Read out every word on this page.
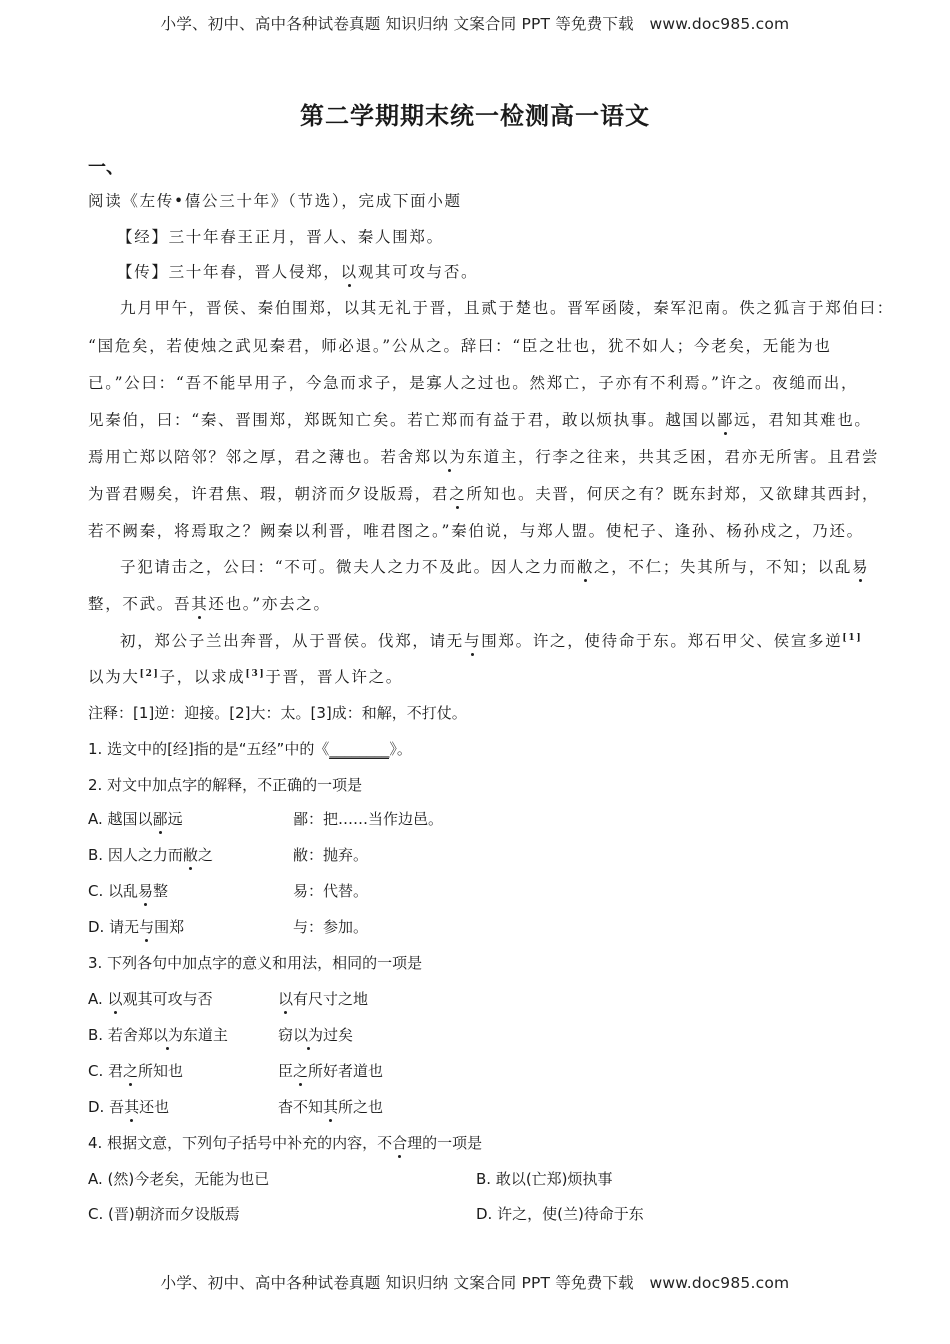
小学、初中、高中各种试卷真题 知识归纳 文案合同 PPT 等免费下载　www.doc985.com
第二学期期末统一检测高一语文
一、
阅读《左传•僖公三十年》（节选），完成下面小题
【经】三十年春王正月，晋人、秦人围郑。
【传】三十年春，晋人侵郑，以观其可攻与否。
九月甲午，晋侯、秦伯围郑，以其无礼于晋，且贰于楚也。晋军函陵，秦军氾南。佚之狐言于郑伯曰：
“国危矣，若使烛之武见秦君，师必退。”公从之。辞曰：“臣之壮也，犹不如人；今老矣，无能为也
已。”公曰：“吾不能早用子，今急而求子，是寡人之过也。然郑亡，子亦有不利焉。”许之。夜缒而出，
见秦伯，曰：“秦、晋围郑，郑既知亡矣。若亡郑而有益于君，敢以烦执事。越国以鄙远，君知其难也。
焉用亡郑以陪邻？邻之厚，君之薄也。若舍郑以为东道主，行李之往来，共其乏困，君亦无所害。且君尝
为晋君赐矣，许君焦、瑕，朝济而夕设版焉，君之所知也。夫晋，何厌之有？既东封郑，又欲肆其西封，
若不阙秦，将焉取之？阙秦以利晋，唯君图之。”秦伯说，与郑人盟。使杞子、逢孙、杨孙戍之，乃还。
子犯请击之，公曰：“不可。微夫人之力不及此。因人之力而敝之，不仁；失其所与，不知；以乱易
整，不武。吾其还也。”亦去之。
初，郑公子兰出奔晋，从于晋侯。伐郑，请无与围郑。许之，使待命于东。郑石甲父、侯宣多逆[1]
以为大[2]子，以求成[3]于晋，晋人许之。
注释：[1]逆：迎接。[2]大：太。[3]成：和解，不打仗。
1. 选文中的[经]指的是“五经”中的《________》。
2. 对文中加点字的解释，不正确的一项是
A. 越国以鄙远	鄙：把……当作边邑。
B. 因人之力而敝之	敝：抛弃。
C. 以乱易整	易：代替。
D. 请无与围郑	与：参加。
3. 下列各句中加点字的意义和用法，相同的一项是
A. 以观其可攻与否	以有尺寸之地
B. 若舍郑以为东道主	窃以为过矣
C. 君之所知也	臣之所好者道也
D. 吾其还也	杳不知其所之也
4. 根据文意，下列句子括号中补充的内容，不合理的一项是
A. (然)今老矣，无能为也已	B. 敢以(亡郑)烦执事
C. (晋)朝济而夕设版焉	D. 许之，使(兰)待命于东
小学、初中、高中各种试卷真题 知识归纳 文案合同 PPT 等免费下载　www.doc985.com
